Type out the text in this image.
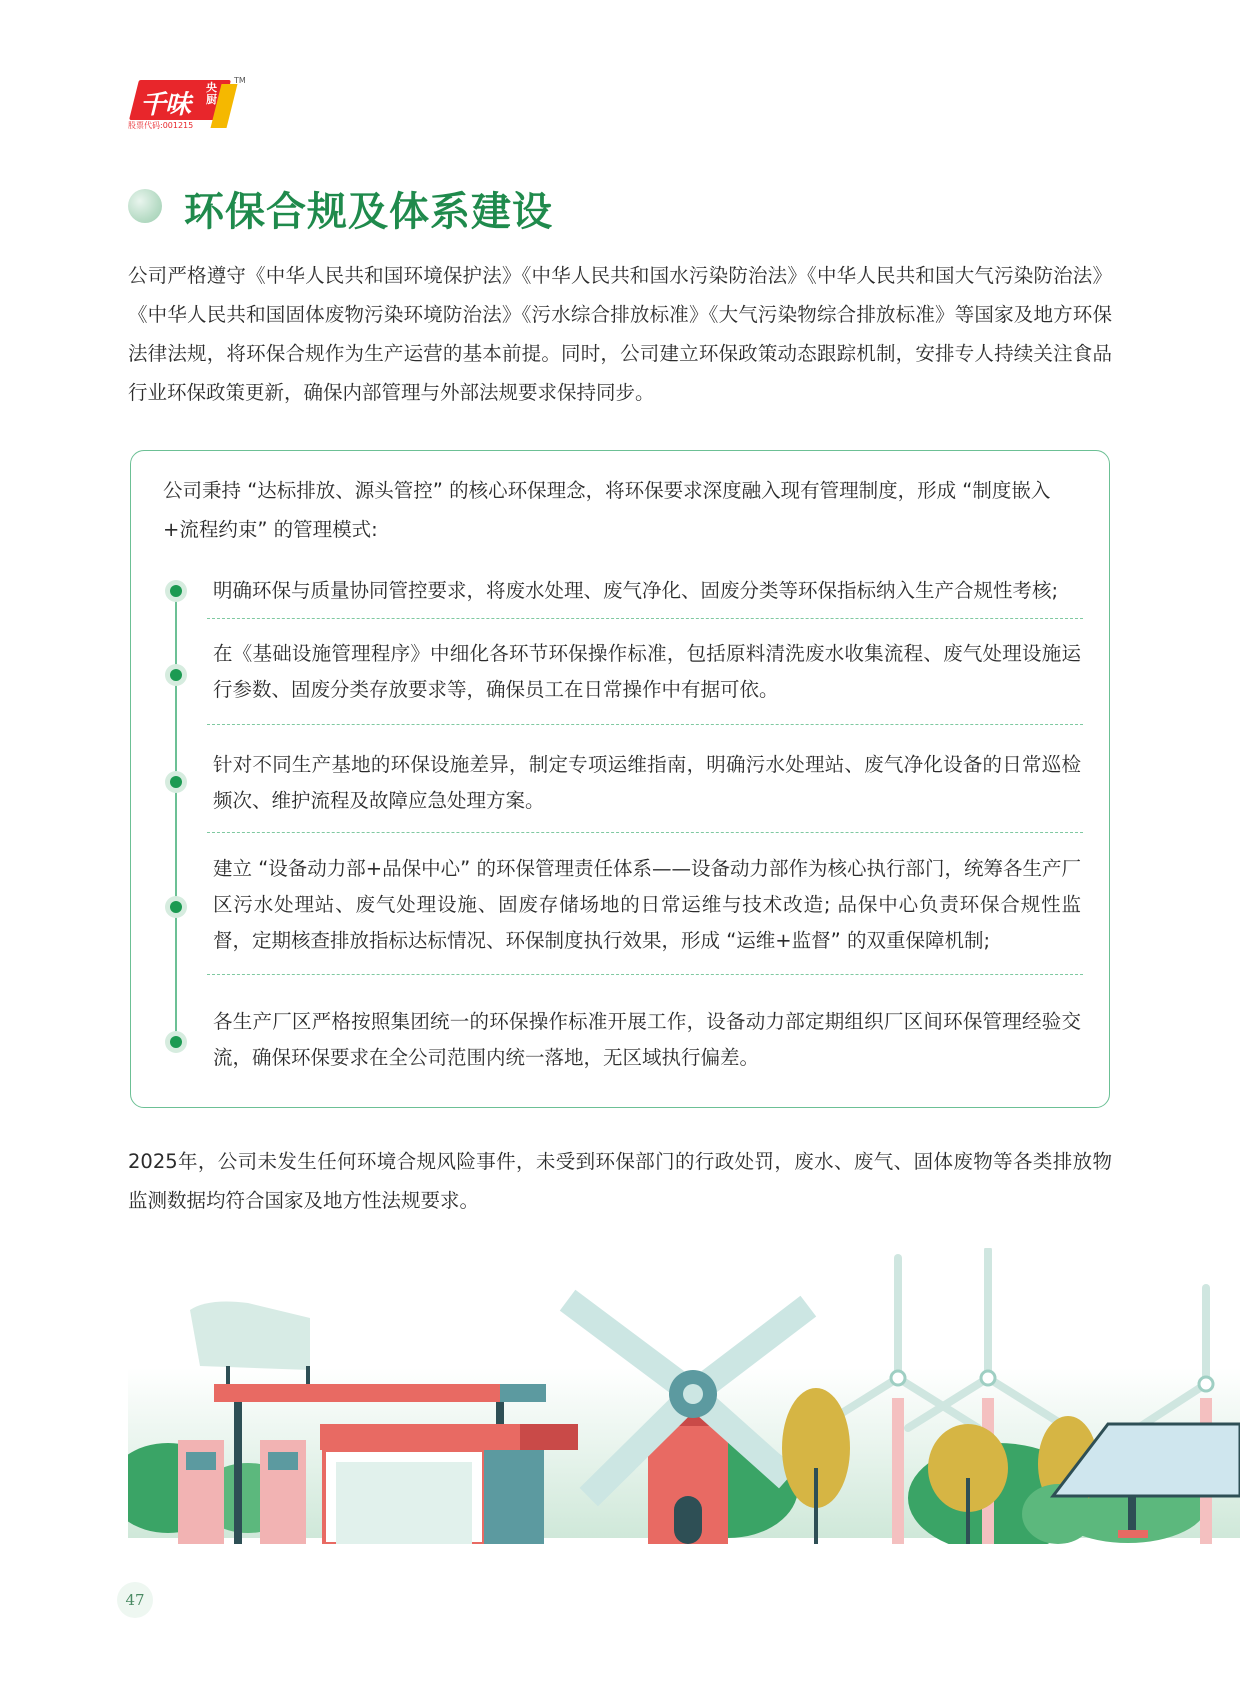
千味
央厨
TM
股票代码:001215
环保合规及体系建设

公司严格遵守《中华人民共和国环境保护法》《中华人民共和国水污染防治法》《中华人民共和国大气污染防治法》《中华人民共和国固体废物污染环境防治法》《污水综合排放标准》《大气污染物综合排放标准》等国家及地方环保法律法规，将环保合规作为生产运营的基本前提。同时，公司建立环保政策动态跟踪机制，安排专人持续关注食品行业环保政策更新，确保内部管理与外部法规要求保持同步。

公司秉持 “达标排放、源头管控” 的核心环保理念，将环保要求深度融入现有管理制度，形成 “制度嵌入+流程约束” 的管理模式:

明确环保与质量协同管控要求，将废水处理、废气净化、固废分类等环保指标纳入生产合规性考核;

在《基础设施管理程序》中细化各环节环保操作标准，包括原料清洗废水收集流程、废气处理设施运行参数、固废分类存放要求等，确保员工在日常操作中有据可依。

针对不同生产基地的环保设施差异，制定专项运维指南，明确污水处理站、废气净化设备的日常巡检频次、维护流程及故障应急处理方案。

建立 “设备动力部+品保中心” 的环保管理责任体系——设备动力部作为核心执行部门，统筹各生产厂区污水处理站、废气处理设施、固废存储场地的日常运维与技术改造; 品保中心负责环保合规性监督，定期核查排放指标达标情况、环保制度执行效果，形成 “运维+监督” 的双重保障机制;

各生产厂区严格按照集团统一的环保操作标准开展工作，设备动力部定期组织厂区间环保管理经验交流，确保环保要求在全公司范围内统一落地，无区域执行偏差。

2025年，公司未发生任何环境合规风险事件，未受到环保部门的行政处罚，废水、废气、固体废物等各类排放物监测数据均符合国家及地方性法规要求。

47
